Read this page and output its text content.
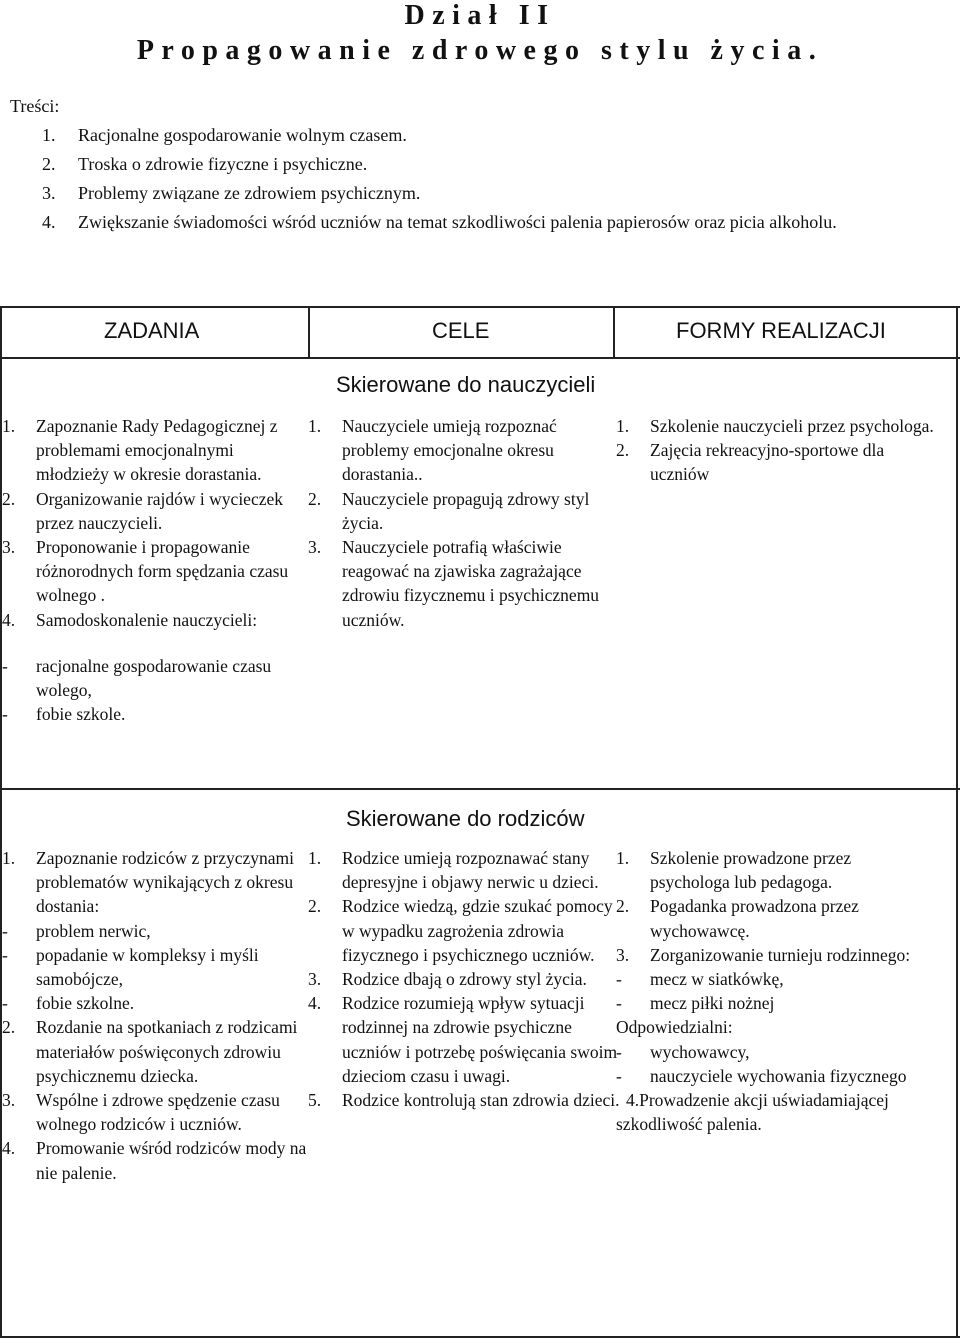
Dział II
Propagowanie zdrowego stylu życia.
Treści:
1. Racjonalne gospodarowanie wolnym czasem.
2. Troska o zdrowie fizyczne i psychiczne.
3. Problemy związane ze zdrowiem psychicznym.
4. Zwiększanie świadomości wśród uczniów na temat szkodliwości palenia papierosów oraz picia alkoholu.
ZADANIA	CELE	FORMY REALIZACJI
Skierowane do nauczycieli
1. Zapoznanie Rady Pedagogicznej z problemami emocjonalnymi młodzieży w okresie dorastania.
2. Organizowanie rajdów i wycieczek przez nauczycieli.
3. Proponowanie i propagowanie różnorodnych form spędzania czasu wolnego .
4. Samodoskonalenie nauczycieli:
- racjonalne gospodarowanie czasu wolego,
- fobie szkole.
1. Nauczyciele umieją rozpoznać problemy emocjonalne okresu dorastania..
2. Nauczyciele propagują zdrowy styl życia.
3. Nauczyciele potrafią właściwie reagować na zjawiska zagrażające zdrowiu fizycznemu i psychicznemu uczniów.
1. Szkolenie nauczycieli przez psychologa.
2. Zajęcia rekreacyjno-sportowe dla uczniów
Skierowane do rodziców
1. Zapoznanie rodziców z przyczynami problematów wynikających z okresu dostania:
- problem nerwic,
- popadanie w kompleksy i myśli samobójcze,
- fobie szkolne.
2. Rozdanie na spotkaniach z rodzicami materiałów poświęconych zdrowiu psychicznemu dziecka.
3. Wspólne i zdrowe spędzenie czasu wolnego rodziców i uczniów.
4. Promowanie wśród rodziców mody na nie palenie.
1. Rodzice umieją rozpoznawać stany depresyjne i objawy nerwic u dzieci.
2. Rodzice wiedzą, gdzie szukać pomocy w wypadku zagrożenia zdrowia fizycznego i psychicznego uczniów.
3. Rodzice dbają o zdrowy styl życia.
4. Rodzice rozumieją wpływ sytuacji rodzinnej na zdrowie psychiczne uczniów i potrzebę poświęcania swoim dzieciom czasu i uwagi.
5. Rodzice kontrolują stan zdrowia dzieci.
1. Szkolenie prowadzone przez psychologa lub pedagoga.
2. Pogadanka prowadzona przez wychowawcę.
3. Zorganizowanie turnieju rodzinnego:
- mecz w siatkówkę,
- mecz piłki nożnej
Odpowiedzialni:
- wychowawcy,
- nauczyciele wychowania fizycznego
4.Prowadzenie akcji uświadamiającej szkodliwość palenia.
